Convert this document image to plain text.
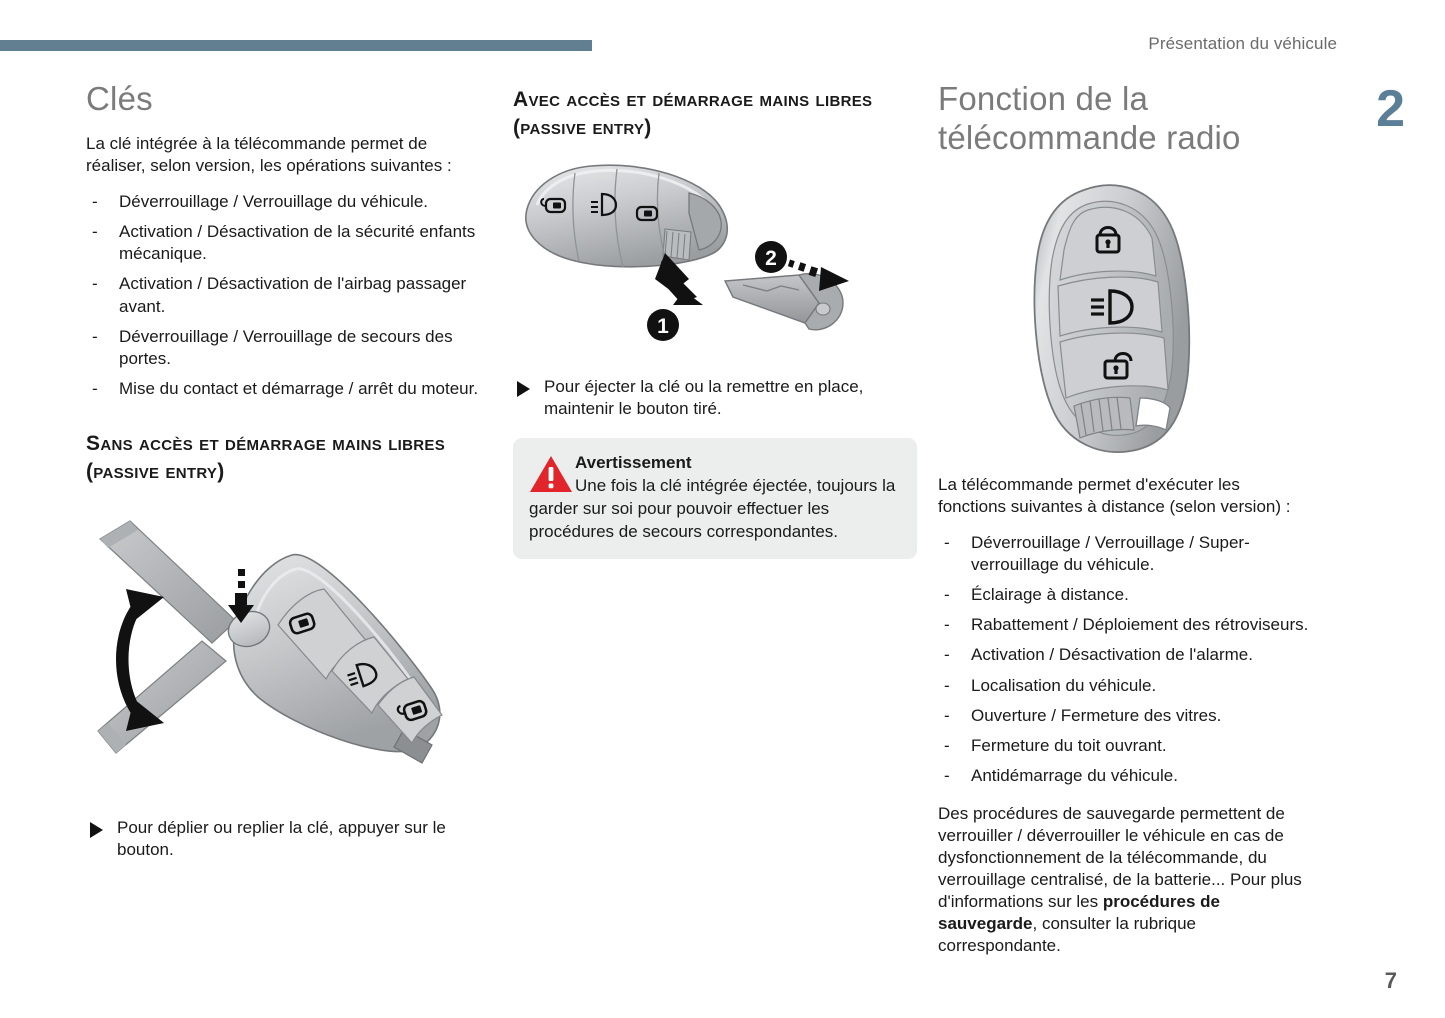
Présentation du véhicule
2
7
Clés

La clé intégrée à la télécommande permet de réaliser, selon version, les opérations suivantes :

- Déverrouillage / Verrouillage du véhicule.
- Activation / Désactivation de la sécurité enfants mécanique.
- Activation / Désactivation de l'airbag passager avant.
- Déverrouillage / Verrouillage de secours des portes.
- Mise du contact et démarrage / arrêt du moteur.
Sans accès et démarrage mains libres (passive entry)
Pour déplier ou replier la clé, appuyer sur le bouton.
Avec accès et démarrage mains libres (passive entry)
1
2
Pour éjecter la clé ou la remettre en place, maintenir le bouton tiré.

Avertissement

Une fois la clé intégrée éjectée, toujours la garder sur soi pour pouvoir effectuer les procédures de secours correspondantes.

Fonction de la télécommande radio

La télécommande permet d'exécuter les fonctions suivantes à distance (selon version) :

- Déverrouillage / Verrouillage / Super-verrouillage du véhicule.
- Éclairage à distance.
- Rabattement / Déploiement des rétroviseurs.
- Activation / Désactivation de l'alarme.
- Localisation du véhicule.
- Ouverture / Fermeture des vitres.
- Fermeture du toit ouvrant.
- Antidémarrage du véhicule.

Des procédures de sauvegarde permettent de verrouiller / déverrouiller le véhicule en cas de dysfonctionnement de la télécommande, du verrouillage centralisé, de la batterie... Pour plus d'informations sur les procédures de sauvegarde, consulter la rubrique correspondante.
